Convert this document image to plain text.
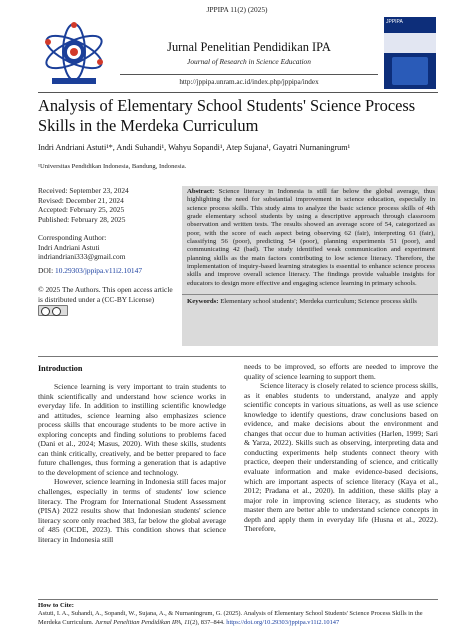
JPPIPA 11(2) (2025)
Jurnal Penelitian Pendidikan IPA
Journal of Research in Science Education
http://jppipa.unram.ac.id/index.php/jppipa/index
JPPIPA
Analysis of Elementary School Students' Science Process Skills in the Merdeka Curriculum
Indri Andriani Astuti¹*, Andi Suhandi¹, Wahyu Sopandi¹, Atep Sujana¹, Gayatri Nurnaningrum¹
¹Universitas Pendidikan Indonesia, Bandung, Indonesia.
Received: September 23, 2024
Revised: December 21, 2024
Accepted: February 25, 2025
Published: February 28, 2025
Corresponding Author:
Indri Andriani Astuti
indriandriani333@gmail.com
DOI: 10.29303/jppipa.v11i2.10147
© 2025 The Authors. This open access article
is distributed under a (CC-BY License)
Abstract: Science literacy in Indonesia is still far below the global average, thus highlighting the need for substantial improvement in science education, especially in science process skills. This study aims to analyze the basic science process skills of 4th grade elementary school students by using a descriptive approach through classroom observation and written tests. The results showed an average score of 54, categorized as poor, with the score of each aspect being observing 62 (fair), interpreting 61 (fair), classifying 56 (poor), predicting 54 (poor), planning experiments 51 (poor), and communicating 42 (bad). The study identified weak communication and experiment planning skills as the main factors contributing to low science literacy. Therefore, the implementation of inquiry-based learning strategies is essential to enhance science process skills and improve overall science literacy. The findings provide valuable insights for educators to design more effective and engaging science learning in primary schools.
Keywords: Elementary school students'; Merdeka curriculum; Science process skills
Introduction

Science learning is very important to train students to think scientifically and understand how science works in everyday life. In addition to instilling scientific knowledge and attitudes, science learning also emphasizes science process skills that encourage students to be more active in exploring concepts and finding solutions to problems faced (Dani et al., 2024; Masus, 2020). With these skills, students can think critically, creatively, and be better prepared to face future challenges, thus forming a generation that is adaptive to the development of science and technology.

However, science learning in Indonesia still faces major challenges, especially in terms of students' low science literacy. The Program for International Student Assessment (PISA) 2022 results show that Indonesian students' science literacy score only reached 383, far below the global average of 485 (OCDE, 2023). This condition shows that science literacy in Indonesia still

needs to be improved, so efforts are needed to improve the quality of science learning to support them.

Science literacy is closely related to science process skills, as it enables students to understand, analyze and apply scientific concepts in various situations, as well as use science knowledge to identify questions, draw conclusions based on evidence, and make decisions about the environment and changes that occur due to human activities (Harlen, 1999; Sari & Yarza, 2022). Skills such as observing, interpreting data and conducting experiments help students connect theory with practice, deepen their understanding of science, and critically evaluate information and make evidence-based decisions, which are important aspects of science literacy (Kaya et al., 2012; Pradana et al., 2020). In addition, these skills play a major role in improving science literacy, as students who master them are better able to understand science concepts in depth and apply them in everyday life (Husna et al., 2022). Therefore,

How to Cite:
Astuti, I. A., Suhandi, A., Sopandi, W., Sujana, A., & Nurnaningrum, G. (2025). Analysis of Elementary School Students' Science Process Skills in the Merdeka Curriculum. Jurnal Penelitian Pendidikan IPA, 11(2), 837–844. https://doi.org/10.29303/jppipa.v11i2.10147
